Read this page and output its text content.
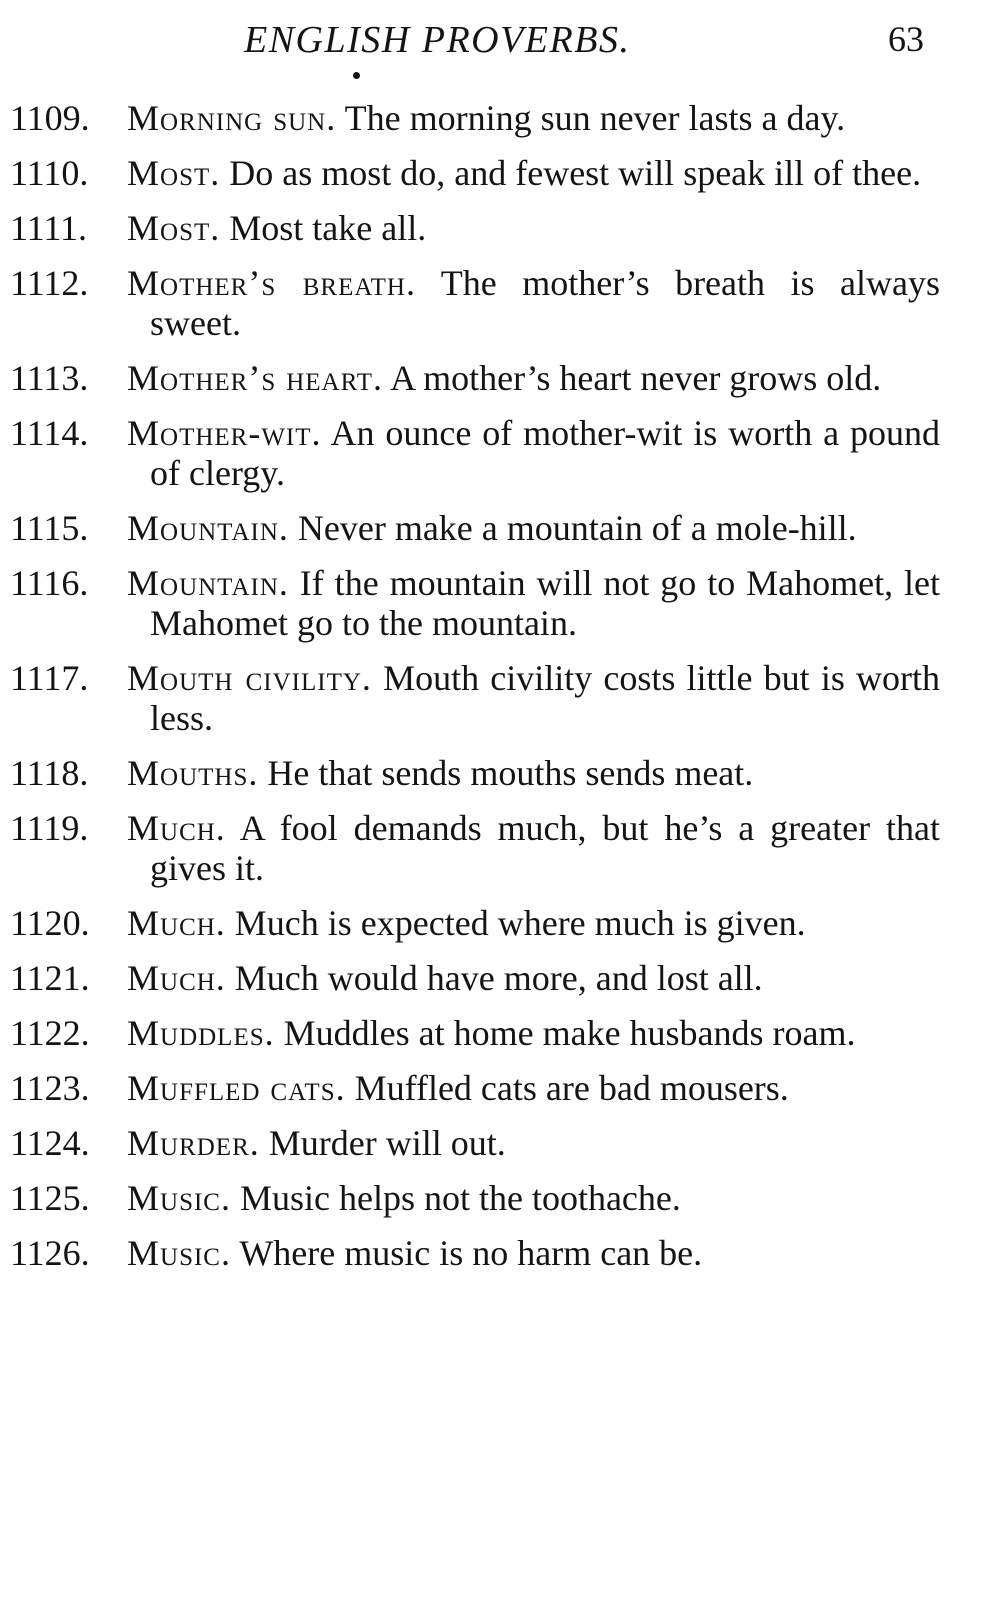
ENGLISH PROVERBS.	63
1109.	Morning sun. The morning sun never lasts a day.
1110.	Most. Do as most do, and fewest will speak ill of thee.
1111.	Most. Most take all.
1112.	Mother’s breath. The mother’s breath is always sweet.
1113.	Mother’s heart. A mother’s heart never grows old.
1114.	Mother-wit. An ounce of mother-wit is worth a pound of clergy.
1115.	Mountain. Never make a mountain of a mole-hill.
1116.	Mountain. If the mountain will not go to Mahomet, let Mahomet go to the mountain.
1117.	Mouth civility. Mouth civility costs little but is worth less.
1118.	Mouths. He that sends mouths sends meat.
1119.	Much. A fool demands much, but he’s a greater that gives it.
1120.	Much. Much is expected where much is given.
1121.	Much. Much would have more, and lost all.
1122.	Muddles. Muddles at home make husbands roam.
1123.	Muffled cats. Muffled cats are bad mousers.
1124.	Murder. Murder will out.
1125.	Music. Music helps not the toothache.
1126.	Music. Where music is no harm can be.
